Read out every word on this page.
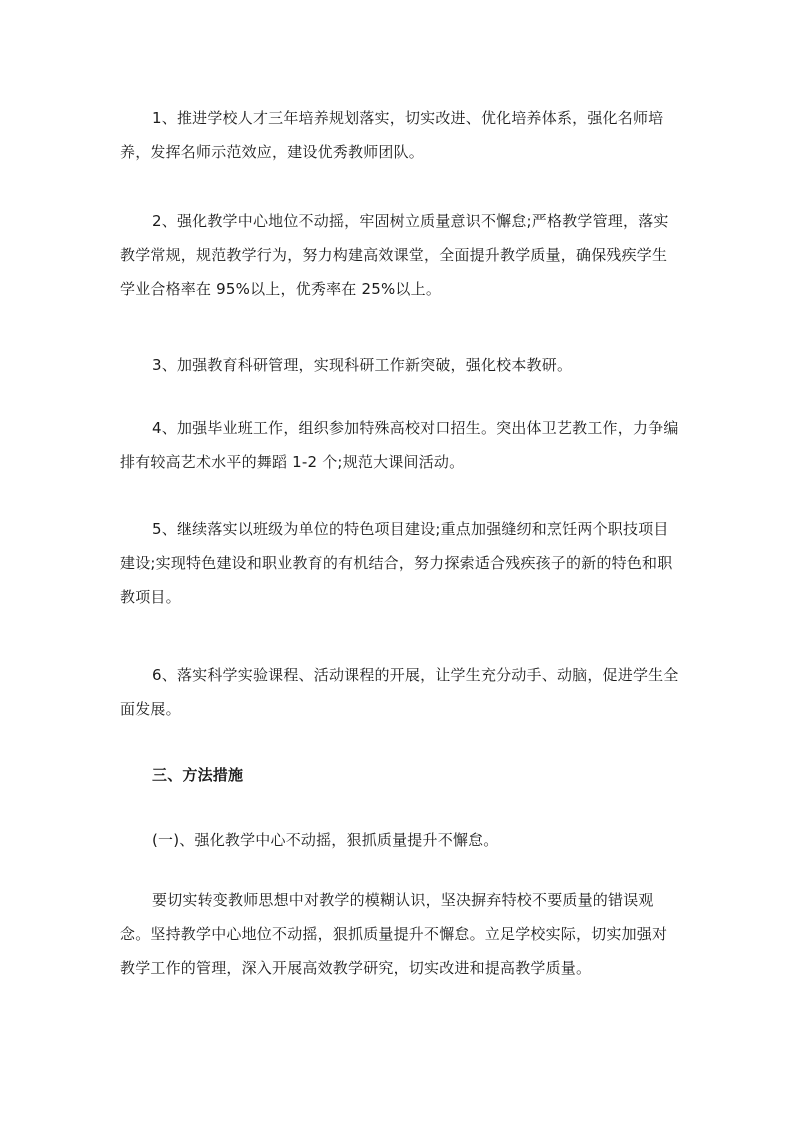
1、推进学校人才三年培养规划落实，切实改进、优化培养体系，强化名师培养，发挥名师示范效应，建设优秀教师团队。

2、强化教学中心地位不动摇，牢固树立质量意识不懈怠;严格教学管理，落实教学常规，规范教学行为，努力构建高效课堂，全面提升教学质量，确保残疾学生学业合格率在 95%以上，优秀率在 25%以上。

3、加强教育科研管理，实现科研工作新突破，强化校本教研。

4、加强毕业班工作，组织参加特殊高校对口招生。突出体卫艺教工作，力争编排有较高艺术水平的舞蹈 1-2 个;规范大课间活动。

5、继续落实以班级为单位的特色项目建设;重点加强缝纫和烹饪两个职技项目建设;实现特色建设和职业教育的有机结合，努力探索适合残疾孩子的新的特色和职教项目。

6、落实科学实验课程、活动课程的开展，让学生充分动手、动脑，促进学生全面发展。

三、方法措施

(一)、强化教学中心不动摇，狠抓质量提升不懈怠。

要切实转变教师思想中对教学的模糊认识，坚决摒弃特校不要质量的错误观念。坚持教学中心地位不动摇，狠抓质量提升不懈怠。立足学校实际，切实加强对教学工作的管理，深入开展高效教学研究，切实改进和提高教学质量。
